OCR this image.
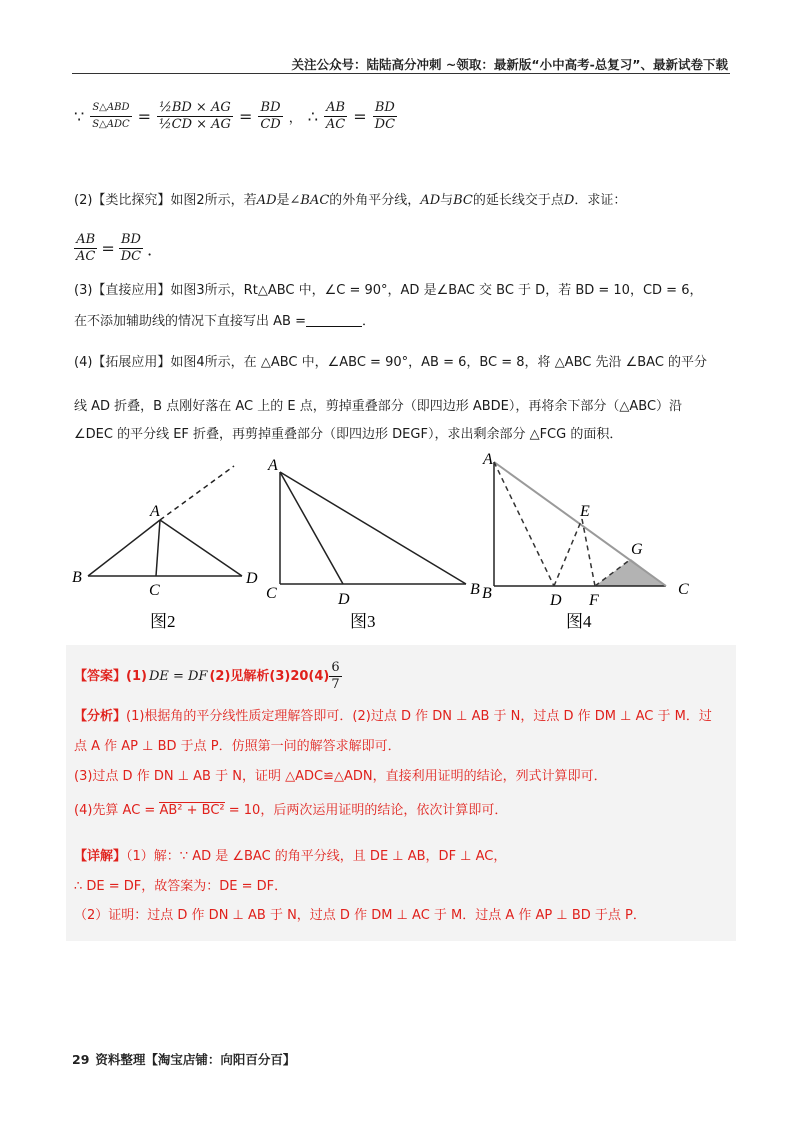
关注公众号：陆陆高分冲刺 ~领取：最新版“小中高考-总复习”、最新试卷下载
∵ $\frac{\text{S△ABD}}{\text{S△ADC}} = \frac{\text{½BD × AG}}{\text{½CD × AG}} = \frac{BD}{CD}$ ， ∴ $\frac{AB}{AC} = \frac{BD}{DC}$
(2)【类比探究】如图2所示，若AD是∠BAC的外角平分线，AD与BC的延长线交于点D．求证：
$\frac{AB}{AC} = \frac{BD}{DC}$ ．
(3)【直接应用】如图3所示，Rt△ABC 中，∠C = 90°，AD 是∠BAC 交 BC 于 D，若 BD = 10，CD = 6，
在不添加辅助线的情况下直接写出 AB =	．
(4)【拓展应用】如图4所示，在 △ABC 中，∠ABC = 90°，AB = 6，BC = 8，将 △ABC 先沿 ∠BAC 的平分
线 AD 折叠，B 点刚好落在 AC 上的 E 点，剪掉重叠部分（即四边形 ABDE），再将余下部分（△ABC）沿
∠DEC 的平分线 EF 折叠，再剪掉重叠部分（即四边形 DEGF），求出剩余部分 △FCG 的面积．
A
B
C
D
A
C	D
B
A
B
E
G
D F
C
图2	图3	图4
【答案】 (1) DE = DF (2)见解析$(3)20(4) \frac{6}{7}$
【分析】(1)根据角的平分线性质定理解答即可．(2)过点 D 作 DN ⊥ AB 于 N，过点 D 作 DM ⊥ AC 于 M．过
点 A 作 AP ⊥ BD 于点 P．仿照第一问的解答求解即可．
(3)过点 D 作 DN ⊥ AB 于 N，证明 △ADC≌△ADN，直接利用证明的结论，列式计算即可．
(4)先算 AC = AB² + BC² = 10，后两次运用证明的结论，依次计算即可．
【详解】（1）解：∵ AD 是 ∠BAC 的角平分线，且 DE ⊥ AB，DF ⊥ AC，
∴ DE = DF，故答案为：DE = DF．
（2）证明：过点 D 作 DN ⊥ AB 于 N，过点 D 作 DM ⊥ AC 于 M．过点 A 作 AP ⊥ BD 于点 P．
29 资料整理【淘宝店铺：向阳百分百】
